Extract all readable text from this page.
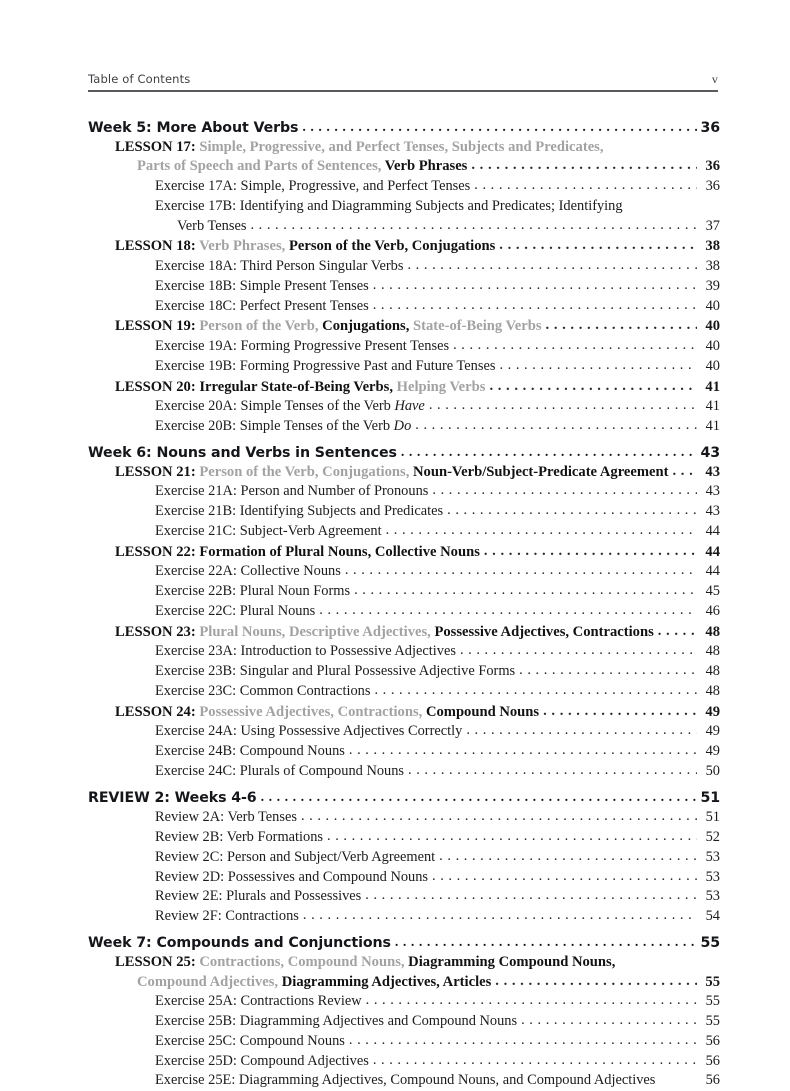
Table of Contents	v
Week 5: More About Verbs . . .	36
LESSON 17: Simple, Progressive, and Perfect Tenses, Subjects and Predicates,
Parts of Speech and Parts of Sentences, Verb Phrases . . .	36
Exercise 17A: Simple, Progressive, and Perfect Tenses . . .	36
Exercise 17B: Identifying and Diagramming Subjects and Predicates; Identifying
Verb Tenses . . .	37
LESSON 18: Verb Phrases, Person of the Verb, Conjugations . . .	38
Exercise 18A: Third Person Singular Verbs . . .	38
Exercise 18B: Simple Present Tenses . . .	39
Exercise 18C: Perfect Present Tenses . . .	40
LESSON 19: Person of the Verb, Conjugations, State-of-Being Verbs . . .	40
Exercise 19A: Forming Progressive Present Tenses . . .	40
Exercise 19B: Forming Progressive Past and Future Tenses . . .	40
LESSON 20: Irregular State-of-Being Verbs, Helping Verbs . . .	41
Exercise 20A: Simple Tenses of the Verb Have . . .	41
Exercise 20B: Simple Tenses of the Verb Do . . .	41
Week 6: Nouns and Verbs in Sentences . . .	43
LESSON 21: Person of the Verb, Conjugations, Noun-Verb/Subject-Predicate Agreement . . .	43
Exercise 21A: Person and Number of Pronouns . . .	43
Exercise 21B: Identifying Subjects and Predicates . . .	43
Exercise 21C: Subject-Verb Agreement . . .	44
LESSON 22: Formation of Plural Nouns, Collective Nouns . . .	44
Exercise 22A: Collective Nouns . . .	44
Exercise 22B: Plural Noun Forms . . .	45
Exercise 22C: Plural Nouns . . .	46
LESSON 23: Plural Nouns, Descriptive Adjectives, Possessive Adjectives, Contractions . . .	48
Exercise 23A: Introduction to Possessive Adjectives . . .	48
Exercise 23B: Singular and Plural Possessive Adjective Forms . . .	48
Exercise 23C: Common Contractions . . .	48
LESSON 24: Possessive Adjectives, Contractions, Compound Nouns . . .	49
Exercise 24A: Using Possessive Adjectives Correctly . . .	49
Exercise 24B: Compound Nouns . . .	49
Exercise 24C: Plurals of Compound Nouns . . .	50
REVIEW 2: Weeks 4-6 . . .	51
Review 2A: Verb Tenses . . .	51
Review 2B: Verb Formations . . .	52
Review 2C: Person and Subject/Verb Agreement . . .	53
Review 2D: Possessives and Compound Nouns . . .	53
Review 2E: Plurals and Possessives . . .	53
Review 2F: Contractions . . .	54
Week 7: Compounds and Conjunctions . . .	55
LESSON 25: Contractions, Compound Nouns, Diagramming Compound Nouns,
Compound Adjectives, Diagramming Adjectives, Articles . . .	55
Exercise 25A: Contractions Review . . .	55
Exercise 25B: Diagramming Adjectives and Compound Nouns . . .	55
Exercise 25C: Compound Nouns . . .	56
Exercise 25D: Compound Adjectives . . .	56
Exercise 25E: Diagramming Adjectives, Compound Nouns, and Compound Adjectives	56
